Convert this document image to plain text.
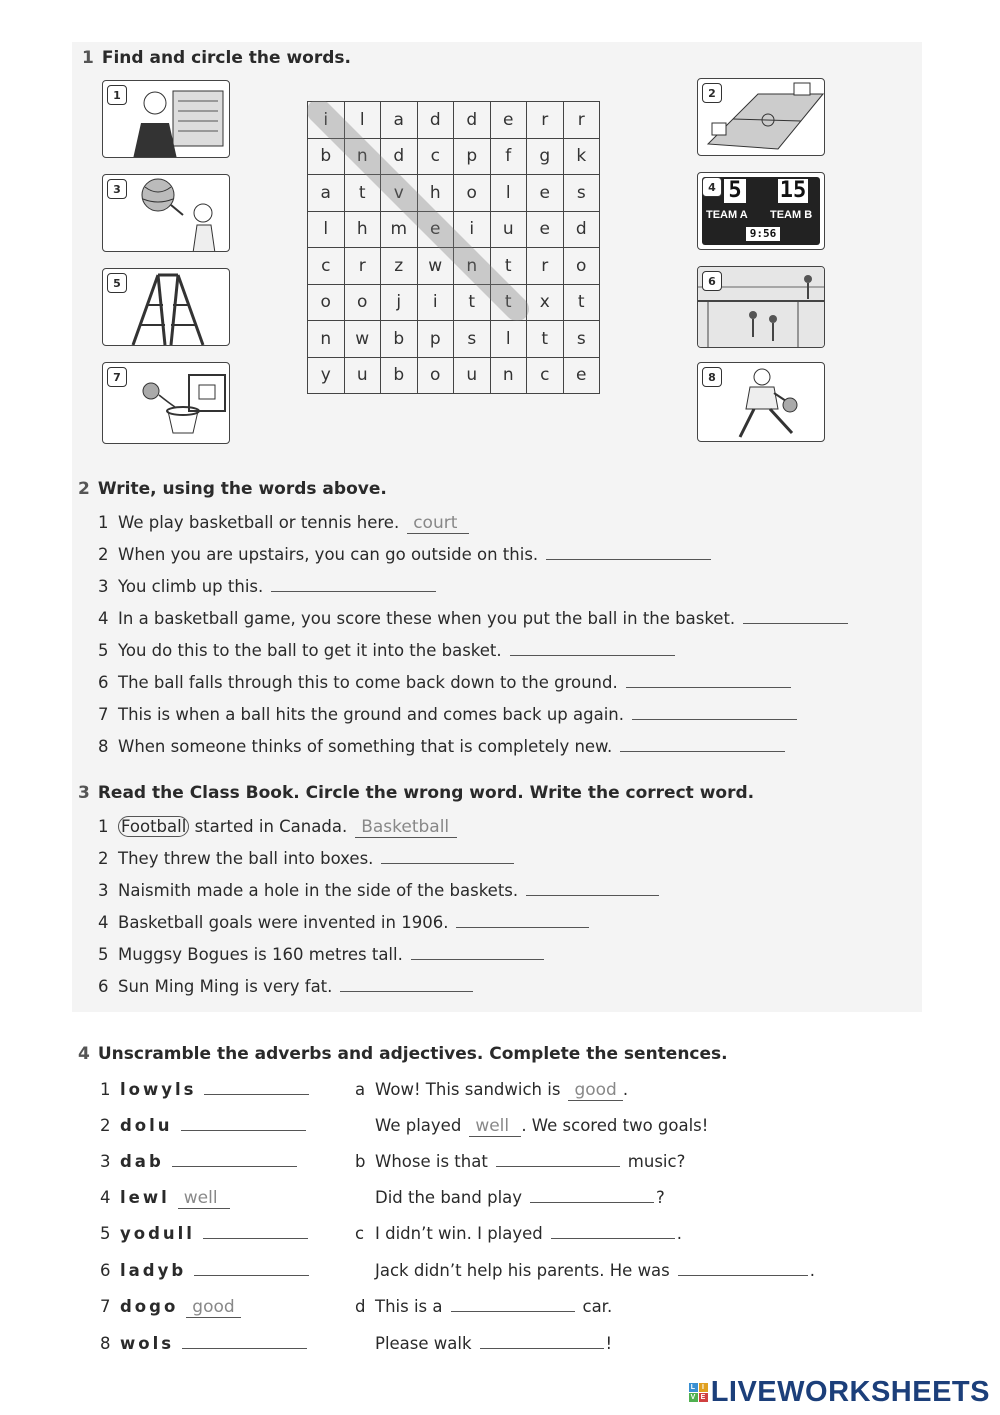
1 Find and circle the words.
1
3
5
7
i	l	a	d	d	e	r	r
b	n	d	c	p	f	g	k
a	t	v	h	o	l	e	s
l	h	m	e	i	u	e	d
c	r	z	w	n	t	r	o
o	o	j	i	t	t	x	t
n	w	b	p	s	l	t	s
y	u	b	o	u	n	c	e
2
4 5 15
TEAM A TEAM B
9:56
6
8
2 Write, using the words above.
1 We play basketball or tennis here. court
2 When you are upstairs, you can go outside on this.
3 You climb up this.
4 In a basketball game, you score these when you put the ball in the basket.
5 You do this to the ball to get it into the basket.
6 The ball falls through this to come back down to the ground.
7 This is when a ball hits the ground and comes back up again.
8 When someone thinks of something that is completely new.
3 Read the Class Book. Circle the wrong word. Write the correct word.
1 Football started in Canada. Basketball
2 They threw the ball into boxes.
3 Naismith made a hole in the side of the baskets.
4 Basketball goals were invented in 1906.
5 Muggsy Bogues is 160 metres tall.
6 Sun Ming Ming is very fat.
4 Unscramble the adverbs and adjectives. Complete the sentences.
1 lowyls
2 dolu
3 dab
4 lewl well
5 yodull
6 ladyb
7 dogo good
8 wols
a Wow! This sandwich is good .
We played well . We scored two goals!
b Whose is that	music?
Did the band play	?
c I didn’t win. I played	.
Jack didn’t help his parents. He was	.
d This is a	car.
Please walk	!
L I
V E LIVEWORKSHEETS
